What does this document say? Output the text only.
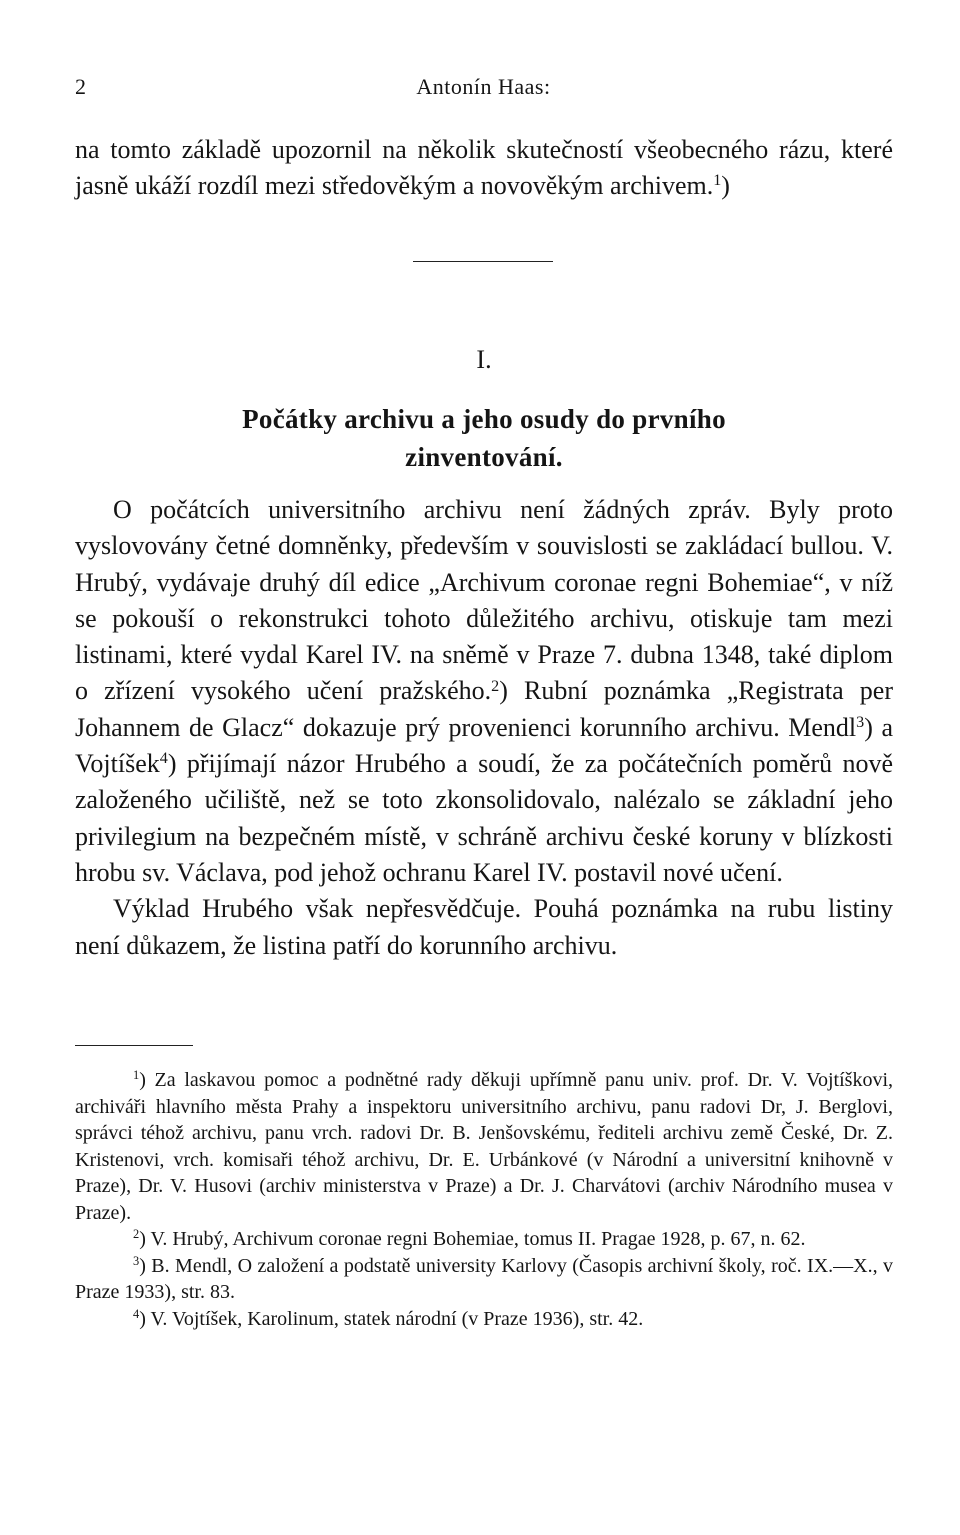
2	Antonín Haas:

na tomto základě upozornil na několik skutečností všeobecného rázu, které jasně ukáží rozdíl mezi středověkým a novověkým archivem.$^1$)

I.
Počátky archivu a jeho osudy do prvního
zinventování.

O počátcích universitního archivu není žádných zpráv. Byly proto vyslovovány četné domněnky, především v souvislosti se zakládací bullou. V. Hrubý, vydávaje druhý díl edice „Archivum coronae regni Bohemiae“, v níž se pokouší o rekonstrukci tohoto důležitého archivu, otiskuje tam mezi listinami, které vydal Karel IV. na sněmě v Praze 7. dubna 1348, také diplom o zřízení vysokého učení pražského.$^2$) Rubní poznámka „Registrata per Johannem de Glacz“ dokazuje prý provenienci korunního archivu. Mendl$^3$) a Vojtíšek$^4$) přijímají názor Hrubého a soudí, že za počátečních poměrů nově založeného učiliště, než se toto zkonsolidovalo, nalézalo se základní jeho privilegium na bezpečném místě, v schráně archivu české koruny v blízkosti hrobu sv. Václava, pod jehož ochranu Karel IV. postavil nové učení.

Výklad Hrubého však nepřesvědčuje. Pouhá poznámka na rubu listiny není důkazem, že listina patří do korunního archivu.

$^1$) Za laskavou pomoc a podnětné rady děkuji upřímně panu univ. prof. Dr. V. Vojtíškovi, archiváři hlavního města Prahy a inspektoru universitního archivu, panu radovi Dr, J. Berglovi, správci téhož archivu, panu vrch. radovi Dr. B. Jenšovskému, řediteli archivu země České, Dr. Z. Kristenovi, vrch. komisaři téhož archivu, Dr. E. Urbánkové (v Národní a universitní knihovně v Praze), Dr. V. Husovi (archiv ministerstva v Praze) a Dr. J. Charvátovi (archiv Národního musea v Praze).

$^2$) V. Hrubý, Archivum coronae regni Bohemiae, tomus II. Pragae 1928, p. 67, n. 62.

$^3$) B. Mendl, O založení a podstatě university Karlovy (Časopis archivní školy, roč. IX.—X., v Praze 1933), str. 83.

$^4$) V. Vojtíšek, Karolinum, statek národní (v Praze 1936), str. 42.
